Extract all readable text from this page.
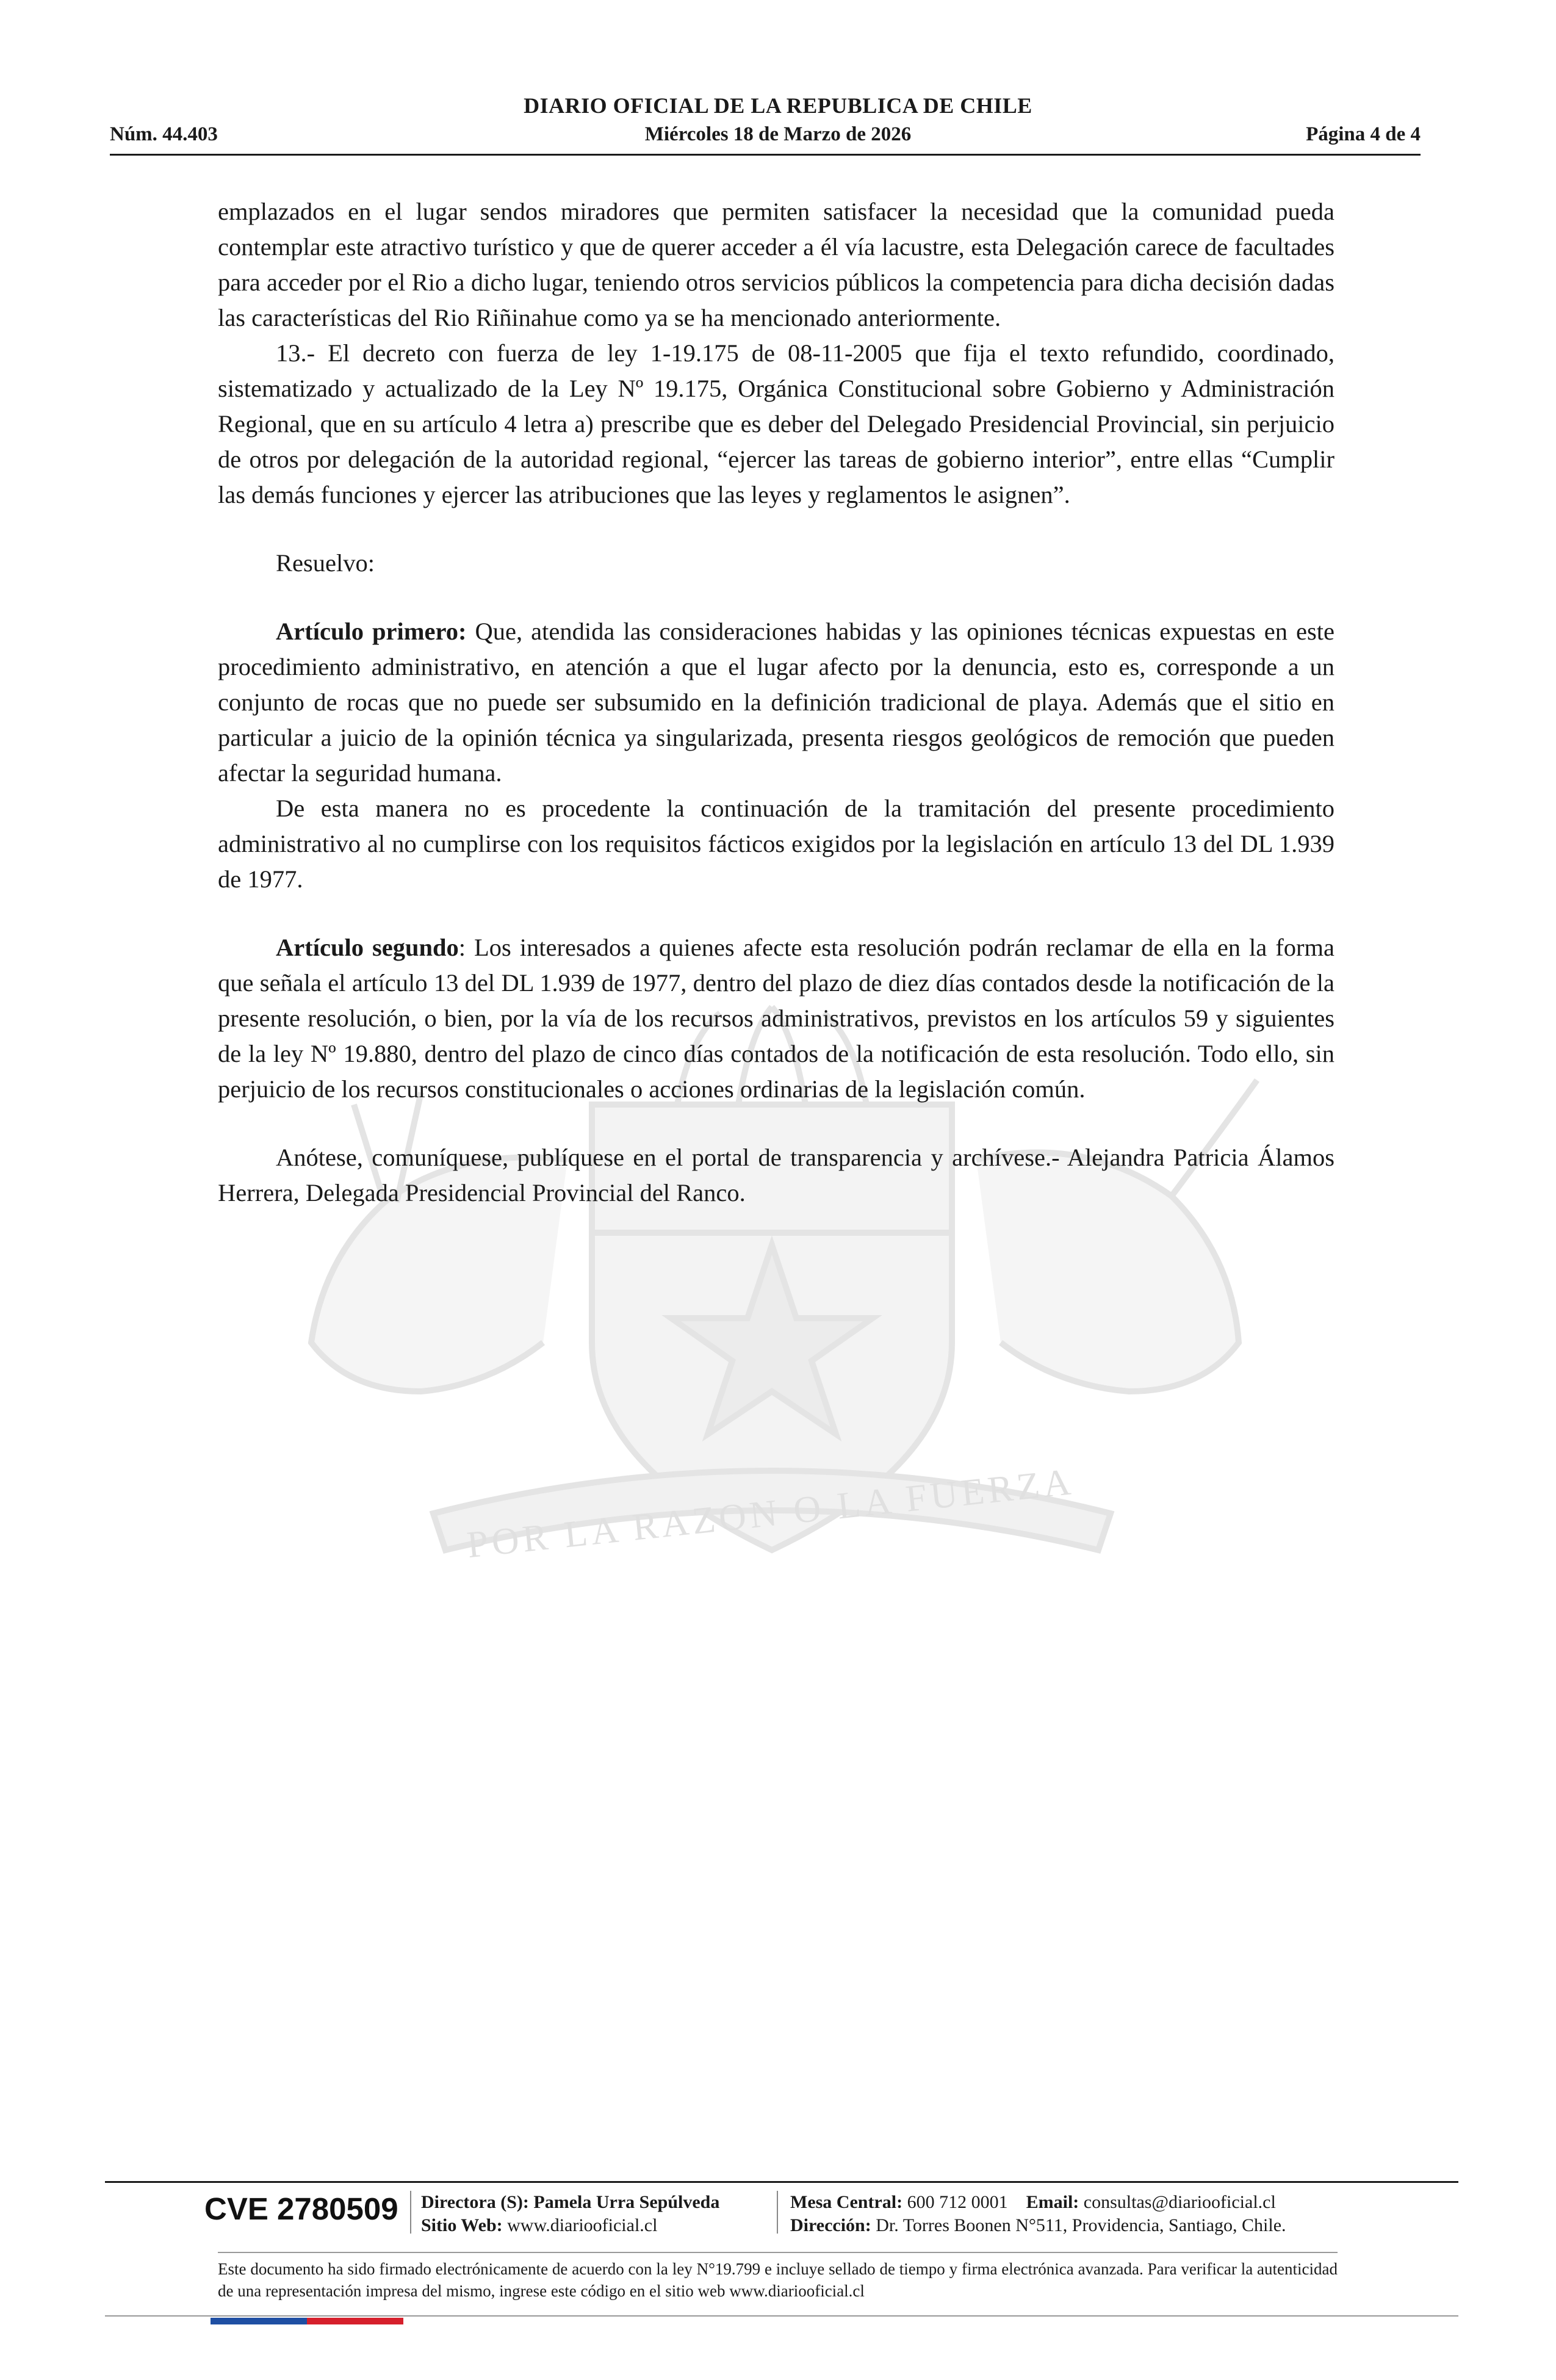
DIARIO OFICIAL DE LA REPUBLICA DE CHILE
Núm. 44.403	Miércoles 18 de Marzo de 2026	Página 4 de 4
POR LA RAZON O LA FUERZA

emplazados en el lugar sendos miradores que permiten satisfacer la necesidad que la comunidad pueda contemplar este atractivo turístico y que de querer acceder a él vía lacustre, esta Delegación carece de facultades para acceder por el Rio a dicho lugar, teniendo otros servicios públicos la competencia para dicha decisión dadas las características del Rio Riñinahue como ya se ha mencionado anteriormente.

13.- El decreto con fuerza de ley 1-19.175 de 08-11-2005 que fija el texto refundido, coordinado, sistematizado y actualizado de la Ley Nº 19.175, Orgánica Constitucional sobre Gobierno y Administración Regional, que en su artículo 4 letra a) prescribe que es deber del Delegado Presidencial Provincial, sin perjuicio de otros por delegación de la autoridad regional, “ejercer las tareas de gobierno interior”, entre ellas “Cumplir las demás funciones y ejercer las atribuciones que las leyes y reglamentos le asignen”.

Resuelvo:

Artículo primero: Que, atendida las consideraciones habidas y las opiniones técnicas expuestas en este procedimiento administrativo, en atención a que el lugar afecto por la denuncia, esto es, corresponde a un conjunto de rocas que no puede ser subsumido en la definición tradicional de playa. Además que el sitio en particular a juicio de la opinión técnica ya singularizada, presenta riesgos geológicos de remoción que pueden afectar la seguridad humana.

De esta manera no es procedente la continuación de la tramitación del presente procedimiento administrativo al no cumplirse con los requisitos fácticos exigidos por la legislación en artículo 13 del DL 1.939 de 1977.

Artículo segundo: Los interesados a quienes afecte esta resolución podrán reclamar de ella en la forma que señala el artículo 13 del DL 1.939 de 1977, dentro del plazo de diez días contados desde la notificación de la presente resolución, o bien, por la vía de los recursos administrativos, previstos en los artículos 59 y siguientes de la ley Nº 19.880, dentro del plazo de cinco días contados de la notificación de esta resolución. Todo ello, sin perjuicio de los recursos constitucionales o acciones ordinarias de la legislación común.

Anótese, comuníquese, publíquese en el portal de transparencia y archívese.- Alejandra Patricia Álamos Herrera, Delegada Presidencial Provincial del Ranco.

CVE 2780509 Directora (S): Pamela Urra Sepúlveda
Sitio Web: www.diariooficial.cl
Mesa Central: 600 712 0001 Email: consultas@diariooficial.cl
Dirección: Dr. Torres Boonen N°511, Providencia, Santiago, Chile.
Este documento ha sido firmado electrónicamente de acuerdo con la ley N°19.799 e incluye sellado de tiempo y firma electrónica avanzada. Para verificar la autenticidad de una representación impresa del mismo, ingrese este código en el sitio web www.diariooficial.cl
